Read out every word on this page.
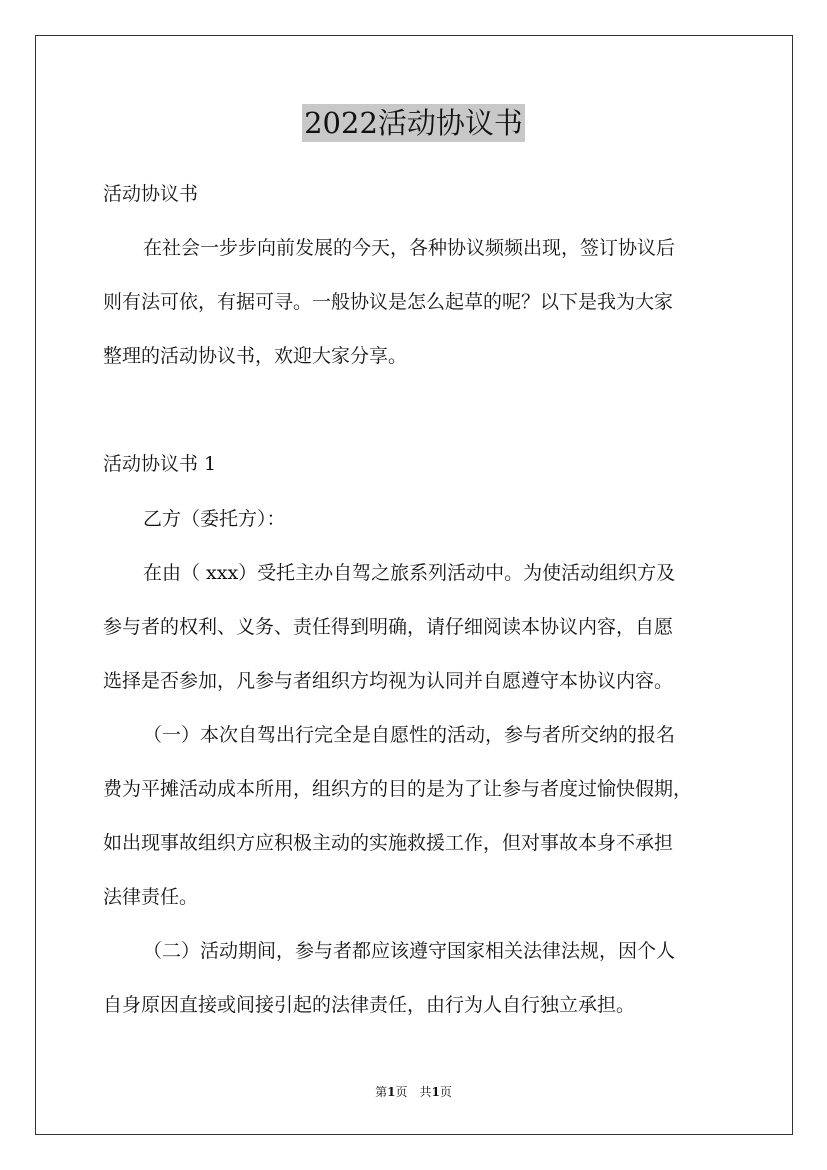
2022活动协议书
活动协议书
在社会一步步向前发展的今天，各种协议频频出现，签订协议后
则有法可依，有据可寻。一般协议是怎么起草的呢？以下是我为大家
整理的活动协议书，欢迎大家分享。
活动协议书 1
乙方（委托方）：
在由（ xxx）受托主办自驾之旅系列活动中。为使活动组织方及
参与者的权利、义务、责任得到明确，请仔细阅读本协议内容，自愿
选择是否参加，凡参与者组织方均视为认同并自愿遵守本协议内容。
（一）本次自驾出行完全是自愿性的活动，参与者所交纳的报名
费为平摊活动成本所用，组织方的目的是为了让参与者度过愉快假期，
如出现事故组织方应积极主动的实施救援工作，但对事故本身不承担
法律责任。
（二）活动期间，参与者都应该遵守国家相关法律法规，因个人
自身原因直接或间接引起的法律责任，由行为人自行独立承担。
第1页　共1页
